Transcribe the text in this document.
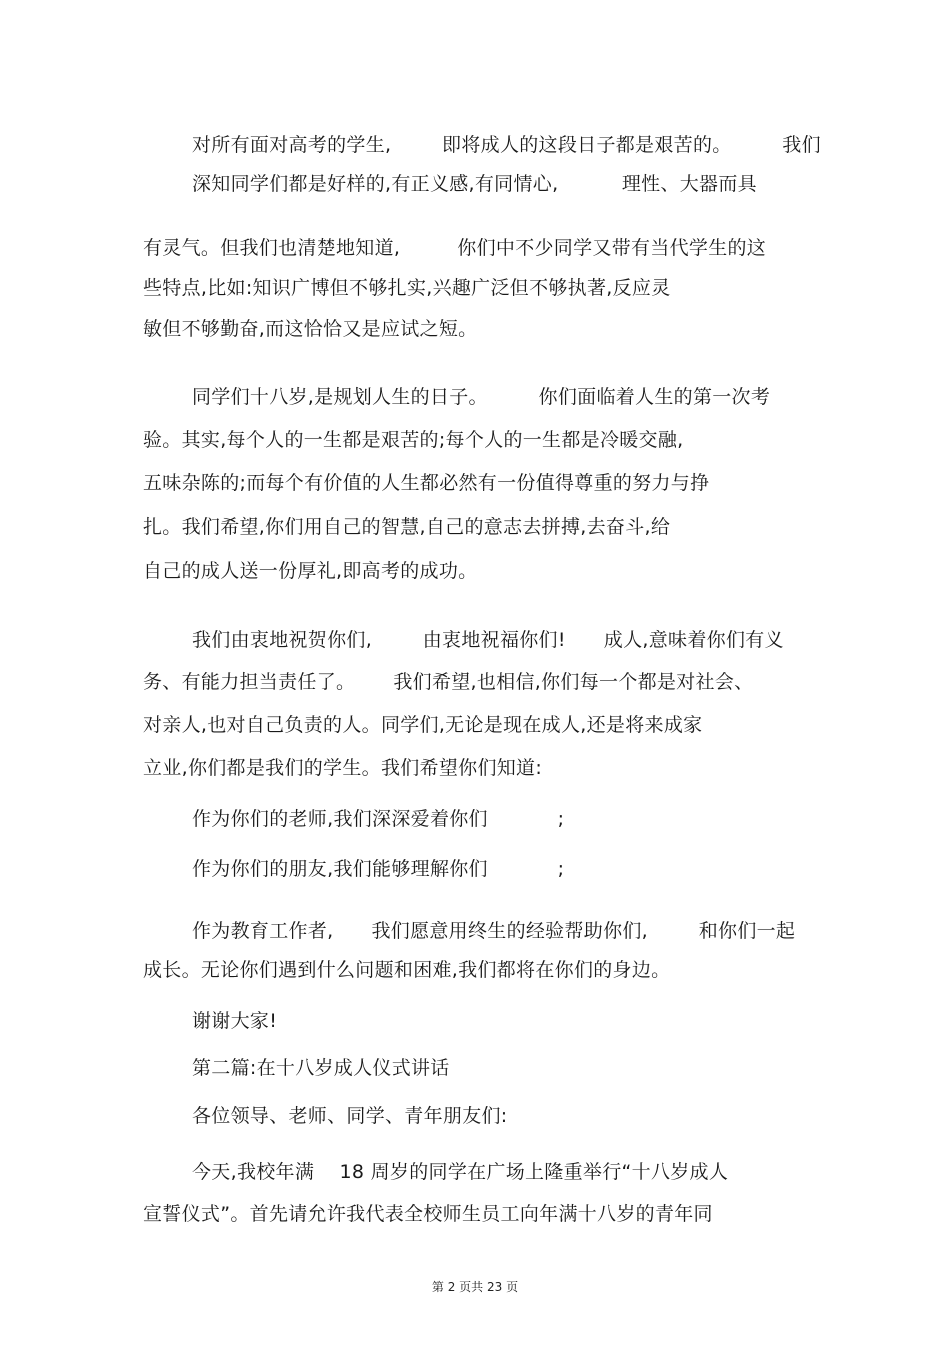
对所有面对高考的学生,        即将成人的这段日子都是艰苦的。        我们
深知同学们都是好样的,有正义感,有同情心,          理性、大器而具
有灵气。但我们也清楚地知道,         你们中不少同学又带有当代学生的这
些特点,比如:知识广博但不够扎实,兴趣广泛但不够执著,反应灵
敏但不够勤奋,而这恰恰又是应试之短。
同学们十八岁,是规划人生的日子。        你们面临着人生的第一次考
验。其实,每个人的一生都是艰苦的;每个人的一生都是冷暖交融,
五味杂陈的;而每个有价值的人生都必然有一份值得尊重的努力与挣
扎。我们希望,你们用自己的智慧,自己的意志去拼搏,去奋斗,给
自己的成人送一份厚礼,即高考的成功。
我们由衷地祝贺你们,        由衷地祝福你们!      成人,意味着你们有义
务、有能力担当责任了。      我们希望,也相信,你们每一个都是对社会、
对亲人,也对自己负责的人。同学们,无论是现在成人,还是将来成家
立业,你们都是我们的学生。我们希望你们知道:
作为你们的老师,我们深深爱着你们           ;
作为你们的朋友,我们能够理解你们           ;
作为教育工作者,      我们愿意用终生的经验帮助你们,        和你们一起
成长。无论你们遇到什么问题和困难,我们都将在你们的身边。
谢谢大家!
第二篇:在十八岁成人仪式讲话
各位领导、老师、同学、青年朋友们:
今天,我校年满    18 周岁的同学在广场上隆重举行“十八岁成人
宣誓仪式”。首先请允许我代表全校师生员工向年满十八岁的青年同
第 2 页共 23 页
